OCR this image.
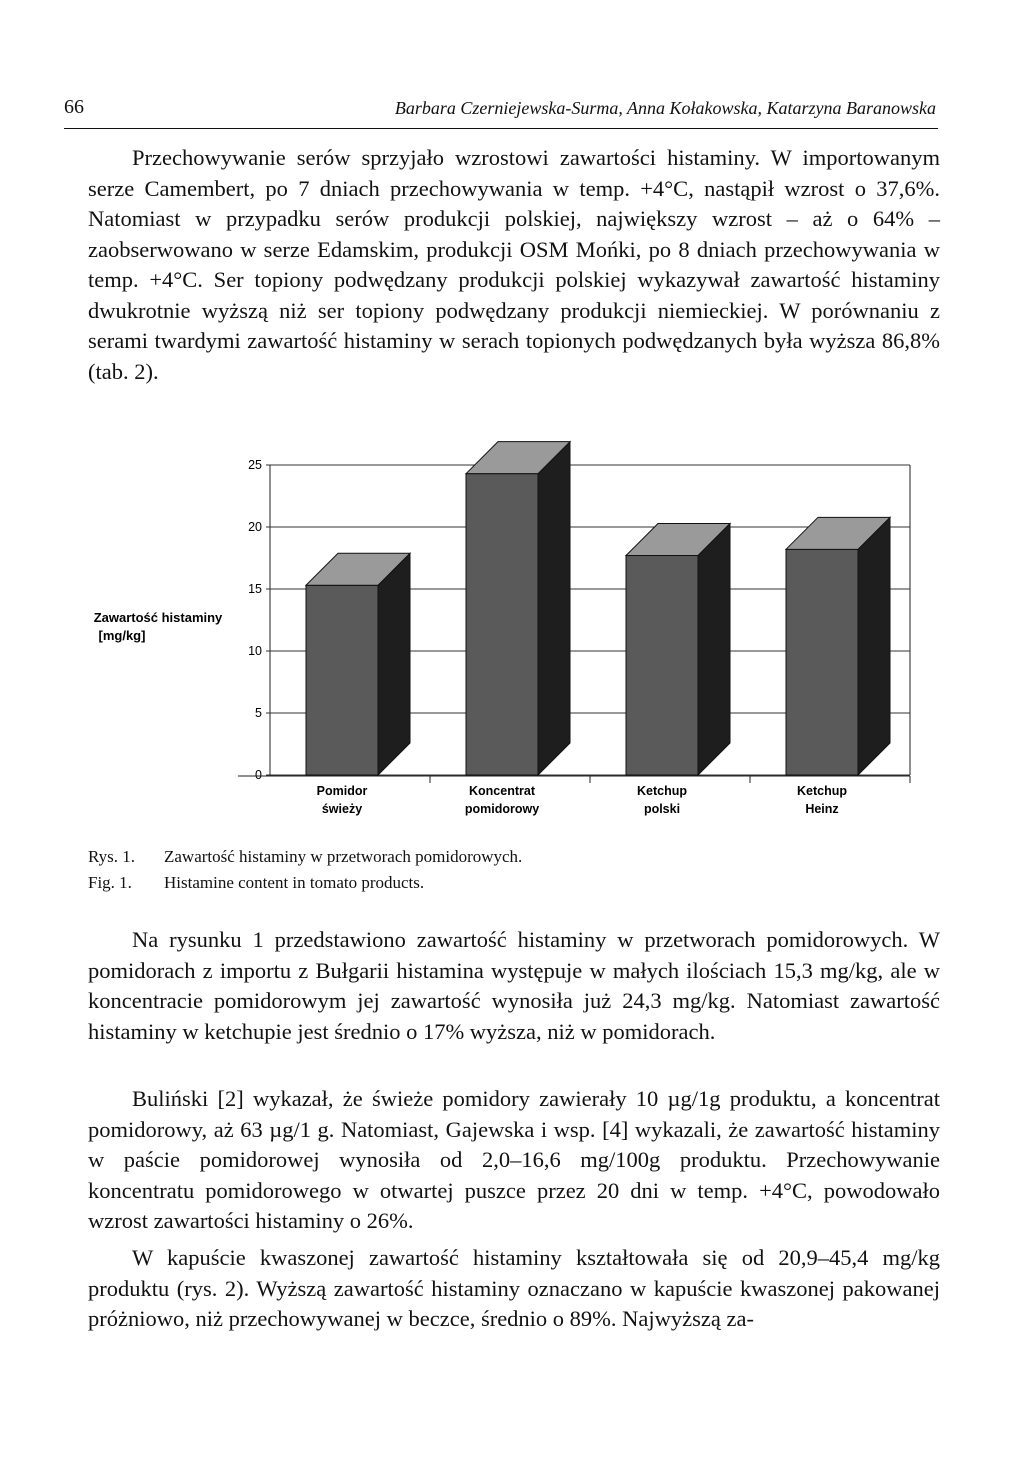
66	Barbara Czerniejewska-Surma, Anna Kołakowska, Katarzyna Baranowska

Przechowywanie serów sprzyjało wzrostowi zawartości histaminy. W importowanym serze Camembert, po 7 dniach przechowywania w temp. +4°C, nastąpił wzrost o 37,6%. Natomiast w przypadku serów produkcji polskiej, największy wzrost – aż o 64% – zaobserwowano w serze Edamskim, produkcji OSM Mońki, po 8 dniach przechowywania w temp. +4°C. Ser topiony podwędzany produkcji polskiej wykazywał zawartość histaminy dwukrotnie wyższą niż ser topiony podwędzany produkcji niemieckiej. W porównaniu z serami twardymi zawartość histaminy w serach topionych podwędzanych była wyższa 86,8% (tab. 2).

0
5
10
15
20
25
Pomidor
świeży
Koncentrat
pomidorowy
Ketchup
polski
Ketchup
Heinz
Zawartość histaminy
[mg/kg]
Rys. 1. Zawartość histaminy w przetworach pomidorowych.
Fig. 1. Histamine content in tomato products.

Na rysunku 1 przedstawiono zawartość histaminy w przetworach pomidorowych. W pomidorach z importu z Bułgarii histamina występuje w małych ilościach 15,3 mg/kg, ale w koncentracie pomidorowym jej zawartość wynosiła już 24,3 mg/kg. Natomiast zawartość histaminy w ketchupie jest średnio o 17% wyższa, niż w pomidorach.

Buliński [2] wykazał, że świeże pomidory zawierały 10 µg/1g produktu, a koncentrat pomidorowy, aż 63 µg/1 g. Natomiast, Gajewska i wsp. [4] wykazali, że zawartość histaminy w paście pomidorowej wynosiła od 2,0–16,6 mg/100g produktu. Przechowywanie koncentratu pomidorowego w otwartej puszce przez 20 dni w temp. +4°C, powodowało wzrost zawartości histaminy o 26%.

W kapuście kwaszonej zawartość histaminy kształtowała się od 20,9–45,4 mg/kg produktu (rys. 2). Wyższą zawartość histaminy oznaczano w kapuście kwaszonej pakowanej próżniowo, niż przechowywanej w beczce, średnio o 89%. Najwyższą za-
